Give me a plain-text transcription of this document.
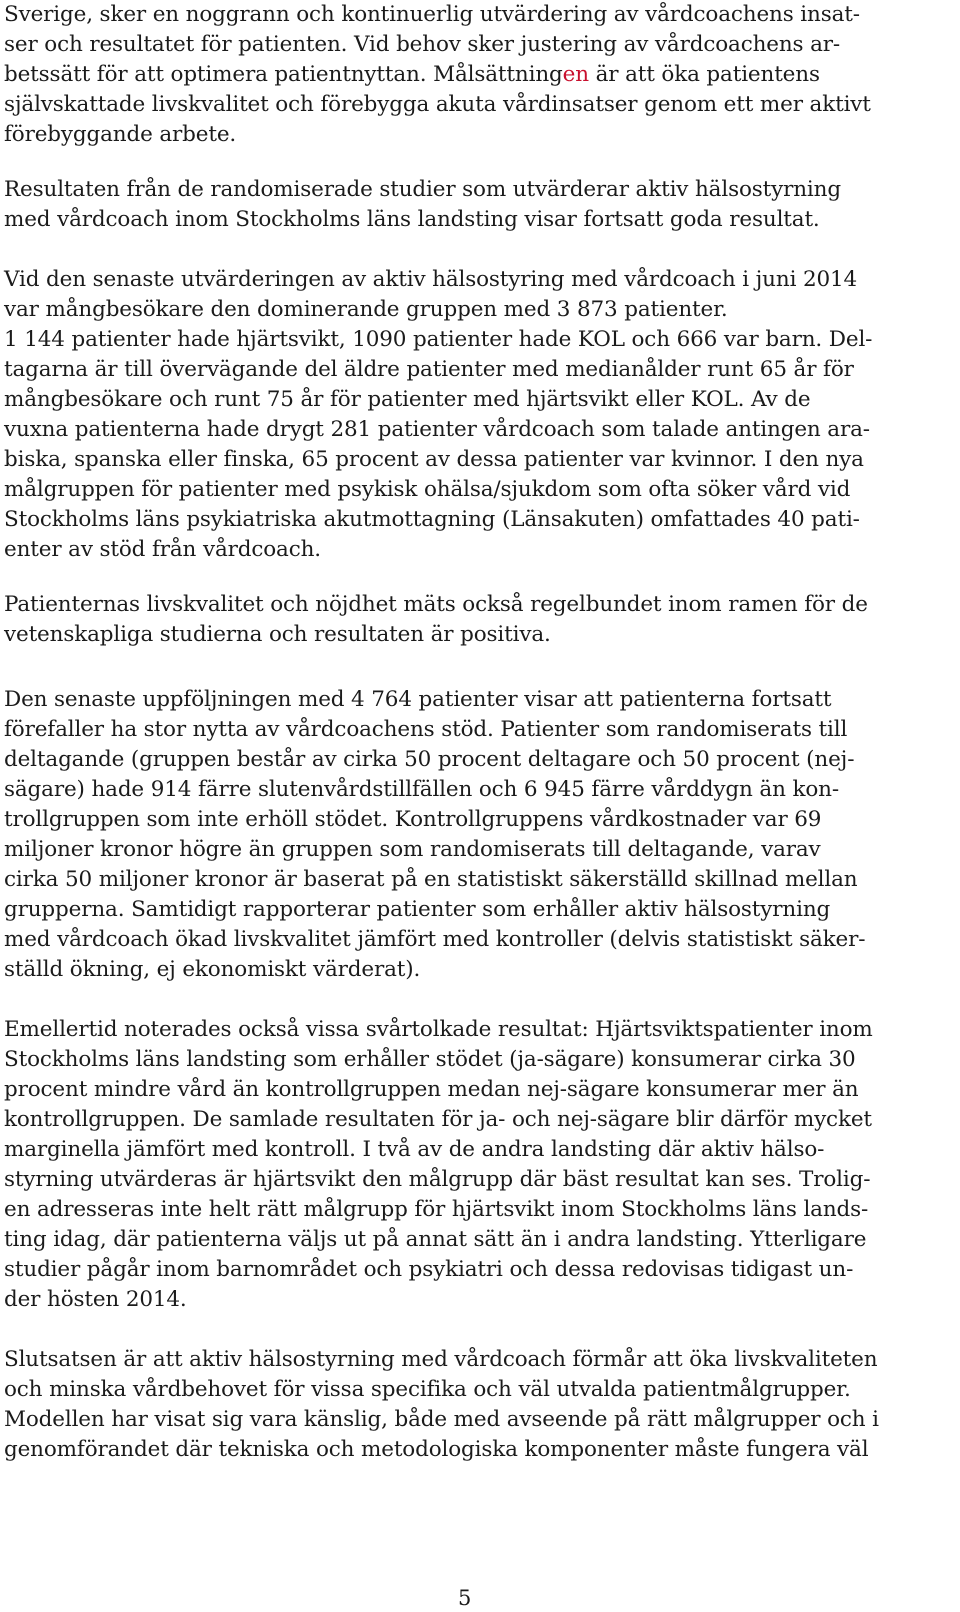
Sverige, sker en noggrann och kontinuerlig utvärdering av vårdcoachens insat-
ser och resultatet för patienten. Vid behov sker justering av vårdcoachens ar-
betssätt för att optimera patientnyttan. Målsättningen är att öka patientens
självskattade livskvalitet och förebygga akuta vårdinsatser genom ett mer aktivt
förebyggande arbete.
Resultaten från de randomiserade studier som utvärderar aktiv hälsostyrning
med vårdcoach inom Stockholms läns landsting visar fortsatt goda resultat.
Vid den senaste utvärderingen av aktiv hälsostyring med vårdcoach i juni 2014
var mångbesökare den dominerande gruppen med 3 873 patienter.
1 144 patienter hade hjärtsvikt, 1090 patienter hade KOL och 666 var barn. Del-
tagarna är till övervägande del äldre patienter med medianålder runt 65 år för
mångbesökare och runt 75 år för patienter med hjärtsvikt eller KOL. Av de
vuxna patienterna hade drygt 281 patienter vårdcoach som talade antingen ara-
biska, spanska eller finska, 65 procent av dessa patienter var kvinnor. I den nya
målgruppen för patienter med psykisk ohälsa/sjukdom som ofta söker vård vid
Stockholms läns psykiatriska akutmottagning (Länsakuten) omfattades 40 pati-
enter av stöd från vårdcoach.
Patienternas livskvalitet och nöjdhet mäts också regelbundet inom ramen för de
vetenskapliga studierna och resultaten är positiva.
Den senaste uppföljningen med 4 764 patienter visar att patienterna fortsatt
förefaller ha stor nytta av vårdcoachens stöd. Patienter som randomiserats till
deltagande (gruppen består av cirka 50 procent deltagare och 50 procent (nej-
sägare) hade 914 färre slutenvårdstillfällen och 6 945 färre vårddygn än kon-
trollgruppen som inte erhöll stödet. Kontrollgruppens vårdkostnader var 69
miljoner kronor högre än gruppen som randomiserats till deltagande, varav
cirka 50 miljoner kronor är baserat på en statistiskt säkerställd skillnad mellan
grupperna. Samtidigt rapporterar patienter som erhåller aktiv hälsostyrning
med vårdcoach ökad livskvalitet jämfört med kontroller (delvis statistiskt säker-
ställd ökning, ej ekonomiskt värderat).
Emellertid noterades också vissa svårtolkade resultat: Hjärtsviktspatienter inom
Stockholms läns landsting som erhåller stödet (ja-sägare) konsumerar cirka 30
procent mindre vård än kontrollgruppen medan nej-sägare konsumerar mer än
kontrollgruppen. De samlade resultaten för ja- och nej-sägare blir därför mycket
marginella jämfört med kontroll. I två av de andra landsting där aktiv hälso-
styrning utvärderas är hjärtsvikt den målgrupp där bäst resultat kan ses. Trolig-
en adresseras inte helt rätt målgrupp för hjärtsvikt inom Stockholms läns lands-
ting idag, där patienterna väljs ut på annat sätt än i andra landsting. Ytterligare
studier pågår inom barnområdet och psykiatri och dessa redovisas tidigast un-
der hösten 2014.
Slutsatsen är att aktiv hälsostyrning med vårdcoach förmår att öka livskvaliteten
och minska vårdbehovet för vissa specifika och väl utvalda patientmålgrupper.
Modellen har visat sig vara känslig, både med avseende på rätt målgrupper och i
genomförandet där tekniska och metodologiska komponenter måste fungera väl
5
